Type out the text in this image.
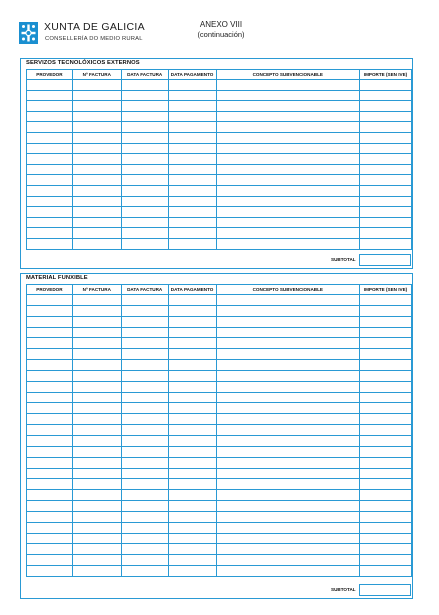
XUNTA DE GALICIA
CONSELLERÍA DO MEDIO RURAL
ANEXO VIII
(continuación)
SERVIZOS TECNOLÓXICOS EXTERNOS
PROVEDOR	Nº FACTURA	DATA FACTURA	DATA PAGAMENTO	CONCEPTO SUBVENCIONABLE	IMPORTE (SEN IVE)

SUBTOTAL
MATERIAL FUNXIBLE
PROVEDOR	Nº FACTURA	DATA FACTURA	DATA PAGAMENTO	CONCEPTO SUBVENCIONABLE	IMPORTE (SEN IVE)

SUBTOTAL
